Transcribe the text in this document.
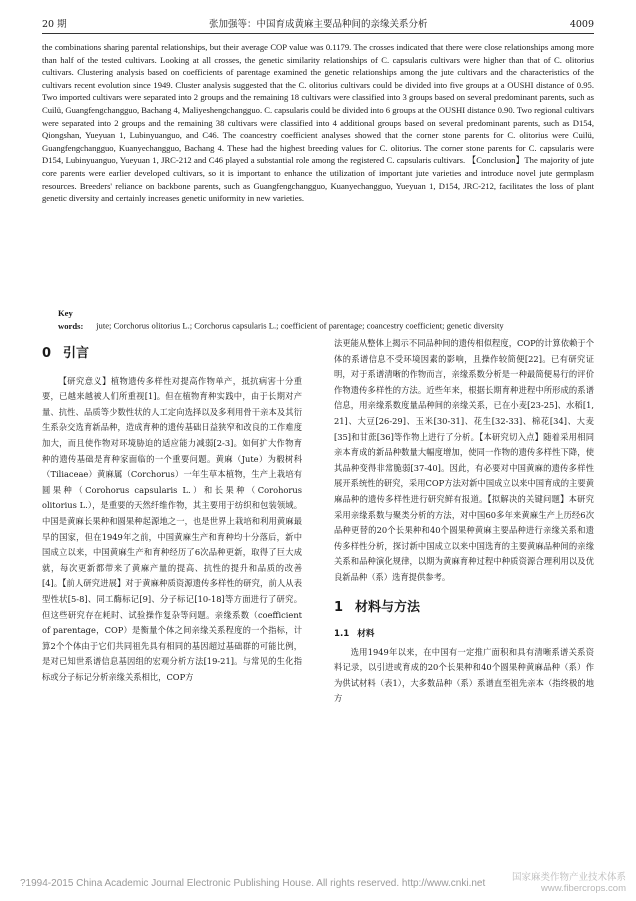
20 期	张加强等：中国育成黄麻主要品种间的亲缘关系分析	4009

the combinations sharing parental relationships, but their average COP value was 0.1179. The crosses indicated that there were close relationships among more than half of the tested cultivars. Looking at all crosses, the genetic similarity relationships of C. capsularis cultivars were higher than that of C. olitorius cultivars. Clustering analysis based on coefficients of parentage examined the genetic relationships among the jute cultivars and the characteristics of the cultivars recent evolution since 1949. Cluster analysis suggested that the C. olitorius cultivars could be divided into five groups at a OUSHI distance of 0.95. Two imported cultivars were separated into 2 groups and the remaining 18 cultivars were classified into 3 groups based on several predominant parents, such as Cuilü, Guangfengchangguo, Bachang 4, Maliyeshengchangguo. C. capsularis could be divided into 6 groups at the OUSHI distance 0.90. Two regional cultivars were separated into 2 groups and the remaining 38 cultivars were classified into 4 additional groups based on several predominant parents, such as D154, Qiongshan, Yueyuan 1, Lubinyuanguo, and C46. The coancestry coefficient analyses showed that the corner stone parents for C. olitorius were Cuilü, Guangfengchangguo, Kuanyechangguo, Bachang 4. These had the highest breeding values for C. olitorius. The corner stone parents for C. capsularis were D154, Lubinyuanguo, Yueyuan 1, JRC-212 and C46 played a substantial role among the registered C. capsularis cultivars. 【Conclusion】The majority of jute core parents were earlier developed cultivars, so it is important to enhance the utilization of important jute varieties and introduce novel jute germplasm resources. Breeders' reliance on backbone parents, such as Guangfengchangguo, Kuanyechangguo, Yueyuan 1, D154, JRC-212, facilitates the loss of plant genetic diversity and certainly increases genetic uniformity in new varieties.

Key words: jute; Corchorus olitorius L.; Corchorus capsularis L.; coefficient of parentage; coancestry coefficient; genetic diversity
0 引言

【研究意义】植物遗传多样性对提高作物单产，抵抗病害十分重要，已越来越被人们所重视[1]。但在植物育种实践中，由于长期对产量、抗性、品质等少数性状的人工定向选择以及多利用骨干亲本及其衍生系杂交选育新品种，造成育种的遗传基础日益狭窄和改良的工作难度加大，而且使作物对环境胁迫的适应能力减弱[2-3]。如何扩大作物育种的遗传基础是育种家面临的一个重要问题。黄麻（Jute）为椴树科（Tiliaceae）黄麻属（Corchorus）一年生草本植物，生产上栽培有圆果种（Corohorus capsularis L.）和长果种（Corohorus olitorius L.），是重要的天然纤维作物，其主要用于纺织和包装领域。中国是黄麻长果种和圆果种起源地之一，也是世界上栽培和利用黄麻最早的国家，但在1949年之前，中国黄麻生产和育种均十分落后，新中国成立以来，中国黄麻生产和育种经历了6次品种更新，取得了巨大成就，每次更新都带来了黄麻产量的提高、抗性的提升和品质的改善[4]。【前人研究进展】对于黄麻种质资源遗传多样性的研究，前人从表型性状[5-8]、同工酶标记[9]、分子标记[10-18]等方面进行了研究。但这些研究存在耗时、试验操作复杂等问题。亲缘系数（coefficient of parentage，COP）是衡量个体之间亲缘关系程度的一个指标，计算2个个体由于它们共同祖先具有相同的基因超过基础群的可能比例，是对已知世系谱信息基因组的宏观分析方法[19-21]。与常见的生化指标或分子标记分析亲缘关系相比，COP方

法更能从整体上揭示不同品种间的遗传相似程度，COP的计算依赖于个体的系谱信息不受环境因素的影响，且操作较简便[22]。已有研究证明，对于系谱清晰的作物而言，亲缘系数分析是一种最简便易行的评价作物遗传多样性的方法。近些年来，根据长期育种进程中所形成的系谱信息，用亲缘系数度量品种间的亲缘关系，已在小麦[23-25]、水稻[1, 21]、大豆[26-29]、玉米[30-31]、花生[32-33]、棉花[34]、大麦[35]和甘蔗[36]等作物上进行了分析。【本研究切入点】随着采用相同亲本育成的新品种数量大幅度增加，使同一作物的遗传多样性下降，使其品种变得非常脆弱[37-40]。因此，有必要对中国黄麻的遗传多样性展开系统性的研究，采用COP方法对新中国成立以来中国育成的主要黄麻品种的遗传多样性进行研究鲜有报道。【拟解决的关键问题】本研究采用亲缘系数与聚类分析的方法，对中国60多年来黄麻生产上历经6次品种更替的20个长果种和40个圆果种黄麻主要品种进行亲缘关系和遗传多样性分析，探讨新中国成立以来中国选育的主要黄麻品种间的亲缘关系和品种演化规律，以期为黄麻育种过程中种质资源合理利用以及优良新品种（系）选育提供参考。

1 材料与方法
1.1 材料

选用1949年以来，在中国有一定推广面积和具有清晰系谱关系资料记录，以引进或育成的20个长果种和40个圆果种黄麻品种（系）作为供试材料（表1），大多数品种（系）系谱直至祖先亲本（指终极的地方

?1994-2015 China Academic Journal Electronic Publishing House. All rights reserved. http://www.cnki.net	国家麻类作物产业技术体系
www.fibercrops.com
